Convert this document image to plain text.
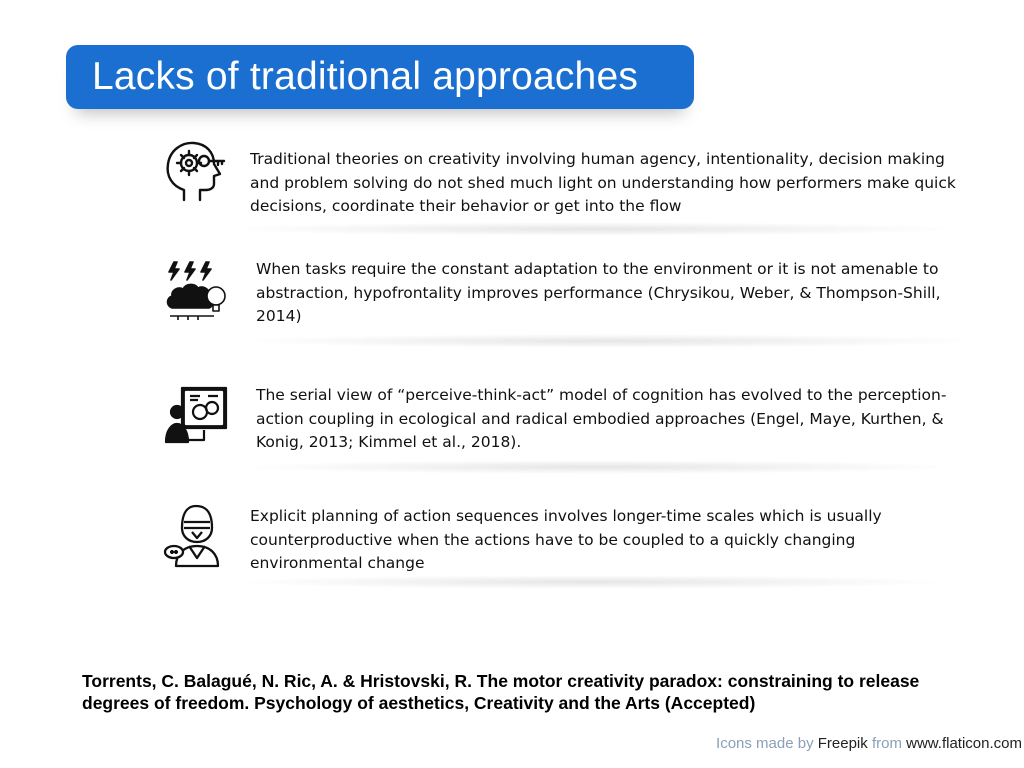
Lacks of traditional approaches
Traditional theories on creativity involving human agency, intentionality, decision making and problem solving do not shed much light on understanding how performers make quick decisions, coordinate their behavior or get into the flow
When tasks require the constant adaptation to the environment or it is not amenable to abstraction, hypofrontality improves performance (Chrysikou, Weber, & Thompson-Shill, 2014)
The serial view of “perceive-think-act” model of cognition has evolved to the perception-action coupling in ecological and radical embodied approaches (Engel, Maye, Kurthen, & Konig, 2013; Kimmel et al., 2018).
Explicit planning of action sequences involves longer-time scales which is usually counterproductive when the actions have to be coupled to a quickly changing environmental change
Torrents, C. Balagué, N. Ric, A. & Hristovski, R. The motor creativity paradox: constraining to release degrees of freedom. Psychology of aesthetics, Creativity and the Arts (Accepted)
Icons made by Freepik from www.flaticon.com
